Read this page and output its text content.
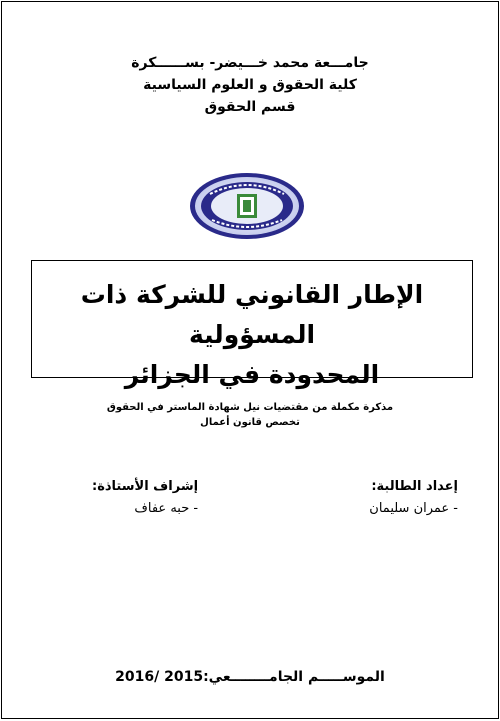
جامـــعة محمد خـــيضر- بســــــكرة
كلية الحقوق و العلوم السياسية
قسم الحقوق
الإطار القانوني للشركة ذات المسؤولية
المحدودة في الجزائر
مذكرة مكملة من مقتضيات نيل شهادة الماستر في الحقوق
تخصص قانون أعمال
إعداد الطالبة:
- عمران سليمان
إشراف الأستاذة:
- حبه عفاف
الموســـــم الجامــــــــعي:2015 /2016
